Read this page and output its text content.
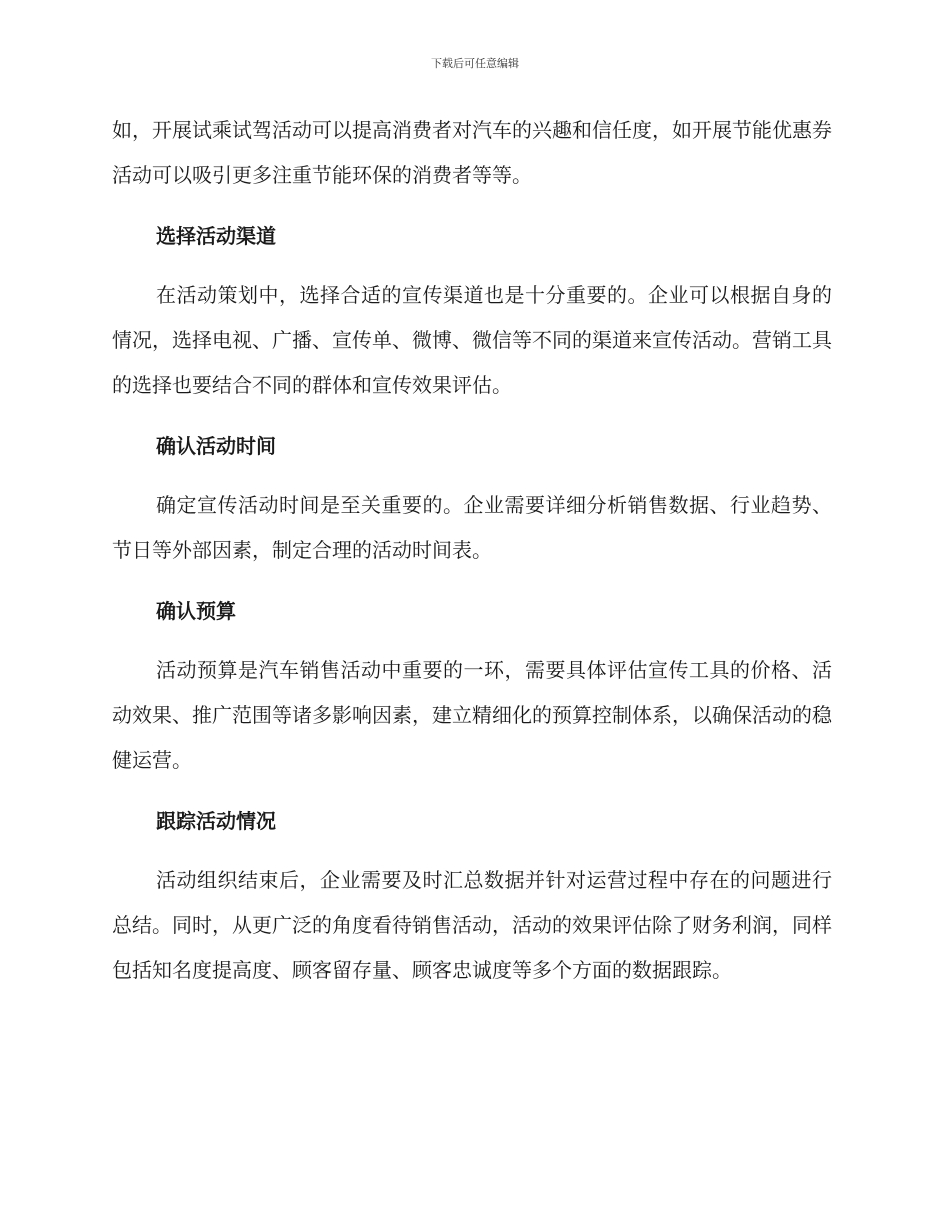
下载后可任意编辑

如，开展试乘试驾活动可以提高消费者对汽车的兴趣和信任度，如开展节能优惠券活动可以吸引更多注重节能环保的消费者等等。

选择活动渠道

在活动策划中，选择合适的宣传渠道也是十分重要的。企业可以根据自身的情况，选择电视、广播、宣传单、微博、微信等不同的渠道来宣传活动。营销工具的选择也要结合不同的群体和宣传效果评估。

确认活动时间

确定宣传活动时间是至关重要的。企业需要详细分析销售数据、行业趋势、节日等外部因素，制定合理的活动时间表。

确认预算

活动预算是汽车销售活动中重要的一环，需要具体评估宣传工具的价格、活动效果、推广范围等诸多影响因素，建立精细化的预算控制体系，以确保活动的稳健运营。

跟踪活动情况

活动组织结束后，企业需要及时汇总数据并针对运营过程中存在的问题进行总结。同时，从更广泛的角度看待销售活动，活动的效果评估除了财务利润，同样包括知名度提高度、顾客留存量、顾客忠诚度等多个方面的数据跟踪。
